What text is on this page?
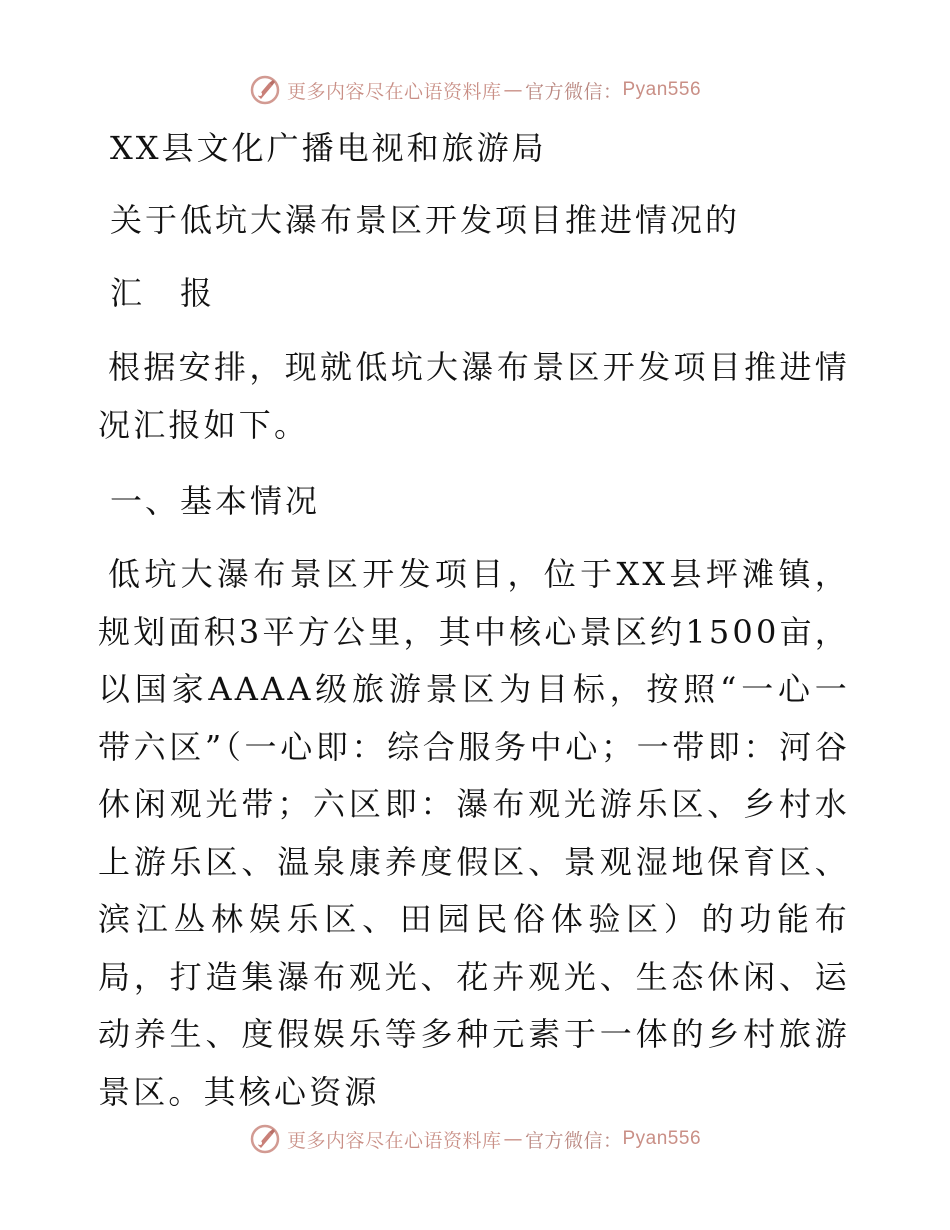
更多内容尽在心语资料库 — 官方微信： Pyan556
XX县文化广播电视和旅游局
关于低坑大瀑布景区开发项目推进情况的
汇　报
根据安排，现就低坑大瀑布景区开发项目推进情况汇报如下。
一、基本情况
低坑大瀑布景区开发项目，位于XX县坪滩镇，规划面积3平方公里，其中核心景区约1500亩，以国家AAAA级旅游景区为目标，按照“一心一带六区”（一心即：综合服务中心；一带即：河谷休闲观光带；六区即：瀑布观光游乐区、乡村水上游乐区、温泉康养度假区、景观湿地保育区、滨江丛林娱乐区、田园民俗体验区）的功能布局，打造集瀑布观光、花卉观光、生态休闲、运动养生、度假娱乐等多种元素于一体的乡村旅游景区。其核心资源
更多内容尽在心语资料库 — 官方微信： Pyan556
